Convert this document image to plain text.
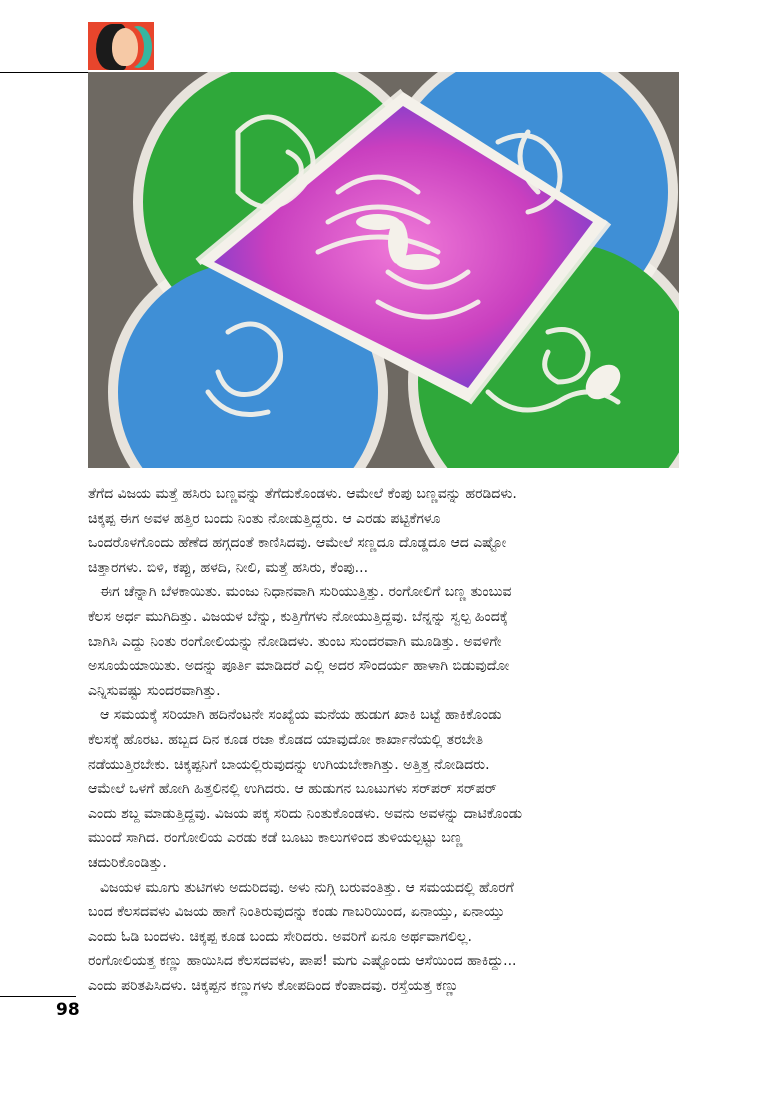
ತೆಗೆದ ವಿಜಯ ಮತ್ತೆ ಹಸಿರು ಬಣ್ಣವನ್ನು ತೆಗೆದುಕೊಂಡಳು. ಆಮೇಲೆ ಕೆಂಪು ಬಣ್ಣವನ್ನು ಹರಡಿದಳು.
ಚಿಕ್ಕಪ್ಪ ಈಗ ಅವಳ ಹತ್ತಿರ ಬಂದು ನಿಂತು ನೋಡುತ್ತಿದ್ದರು. ಆ ಎರಡು ಪಟ್ಟಿಕೆಗಳೂ
ಒಂದರೊಳಗೊಂದು ಹೆಣೆದ ಹಗ್ಗದಂತೆ ಕಾಣಿಸಿದವು. ಆಮೇಲೆ ಸಣ್ಣದೂ ದೊಡ್ಡದೂ ಆದ ಎಷ್ಟೋ
ಚಿತ್ತಾರಗಳು. ಬಿಳಿ, ಕಪ್ಪು, ಹಳದಿ, ನೀಲಿ, ಮತ್ತೆ ಹಸಿರು, ಕೆಂಪು...
ಈಗ ಚೆನ್ನಾಗಿ ಬೆಳಕಾಯಿತು. ಮಂಜು ನಿಧಾನವಾಗಿ ಸುರಿಯುತ್ತಿತ್ತು. ರಂಗೋಲಿಗೆ ಬಣ್ಣ ತುಂಬುವ
ಕೆಲಸ ಅರ್ಧ ಮುಗಿದಿತ್ತು. ವಿಜಯಳ ಬೆನ್ನು, ಕುತ್ತಿಗೆಗಳು ನೋಯುತ್ತಿದ್ದವು. ಬೆನ್ನನ್ನು ಸ್ವಲ್ಪ ಹಿಂದಕ್ಕೆ
ಬಾಗಿಸಿ ಎದ್ದು ನಿಂತು ರಂಗೋಲಿಯನ್ನು ನೋಡಿದಳು. ತುಂಬ ಸುಂದರವಾಗಿ ಮೂಡಿತ್ತು. ಅವಳಿಗೇ
ಅಸೂಯೆಯಾಯಿತು. ಅದನ್ನು ಪೂರ್ತಿ ಮಾಡಿದರೆ ಎಲ್ಲಿ ಅದರ ಸೌಂದರ್ಯ ಹಾಳಾಗಿ ಬಿಡುವುದೋ
ಎನ್ನಿಸುವಷ್ಟು ಸುಂದರವಾಗಿತ್ತು.
ಆ ಸಮಯಕ್ಕೆ ಸರಿಯಾಗಿ ಹದಿನೆಂಟನೇ ಸಂಖ್ಯೆಯ ಮನೆಯ ಹುಡುಗ ಖಾಕಿ ಬಟ್ಟೆ ಹಾಕಿಕೊಂಡು
ಕೆಲಸಕ್ಕೆ ಹೊರಟ. ಹಬ್ಬದ ದಿನ ಕೂಡ ರಜಾ ಕೊಡದ ಯಾವುದೋ ಕಾರ್ಖಾನೆಯಲ್ಲಿ ತರಬೇತಿ
ನಡೆಯುತ್ತಿರಬೇಕು. ಚಿಕ್ಕಪ್ಪನಿಗೆ ಬಾಯಲ್ಲಿರುವುದನ್ನು ಉಗಿಯಬೇಕಾಗಿತ್ತು. ಅತ್ತಿತ್ತ ನೋಡಿದರು.
ಆಮೇಲೆ ಒಳಗೆ ಹೋಗಿ ಹಿತ್ತಲಿನಲ್ಲಿ ಉಗಿದರು. ಆ ಹುಡುಗನ ಬೂಟುಗಳು ಸರ್‌ಪರ್ ಸರ್‌ಪರ್
ಎಂದು ಶಬ್ದ ಮಾಡುತ್ತಿದ್ದವು. ವಿಜಯ ಪಕ್ಕ ಸರಿದು ನಿಂತುಕೊಂಡಳು. ಅವನು ಅವಳನ್ನು ದಾಟಿಕೊಂಡು
ಮುಂದೆ ಸಾಗಿದ. ರಂಗೋಲಿಯ ಎರಡು ಕಡೆ ಬೂಟು ಕಾಲುಗಳಿಂದ ತುಳಿಯಲ್ಪಟ್ಟು ಬಣ್ಣ
ಚದುರಿಕೊಂಡಿತ್ತು.
ವಿಜಯಳ ಮೂಗು ತುಟಿಗಳು ಅದುರಿದವು. ಅಳು ನುಗ್ಗಿ ಬರುವಂತಿತ್ತು. ಆ ಸಮಯದಲ್ಲಿ ಹೊರಗೆ
ಬಂದ ಕೆಲಸದವಳು ವಿಜಯ ಹಾಗೆ ನಿಂತಿರುವುದನ್ನು ಕಂಡು ಗಾಬರಿಯಿಂದ, ಏನಾಯ್ತು, ಏನಾಯ್ತು
ಎಂದು ಓಡಿ ಬಂದಳು. ಚಿಕ್ಕಪ್ಪ ಕೂಡ ಬಂದು ಸೇರಿದರು. ಅವರಿಗೆ ಏನೂ ಅರ್ಥವಾಗಲಿಲ್ಲ.
ರಂಗೋಲಿಯತ್ತ ಕಣ್ಣು ಹಾಯಿಸಿದ ಕೆಲಸದವಳು, ಪಾಪ! ಮಗು ಎಷ್ಟೊಂದು ಆಸೆಯಿಂದ ಹಾಕಿದ್ದು...
ಎಂದು ಪರಿತಪಿಸಿದಳು. ಚಿಕ್ಕಪ್ಪನ ಕಣ್ಣುಗಳು ಕೋಪದಿಂದ ಕೆಂಪಾದವು. ರಸ್ತೆಯತ್ತ ಕಣ್ಣು
98
